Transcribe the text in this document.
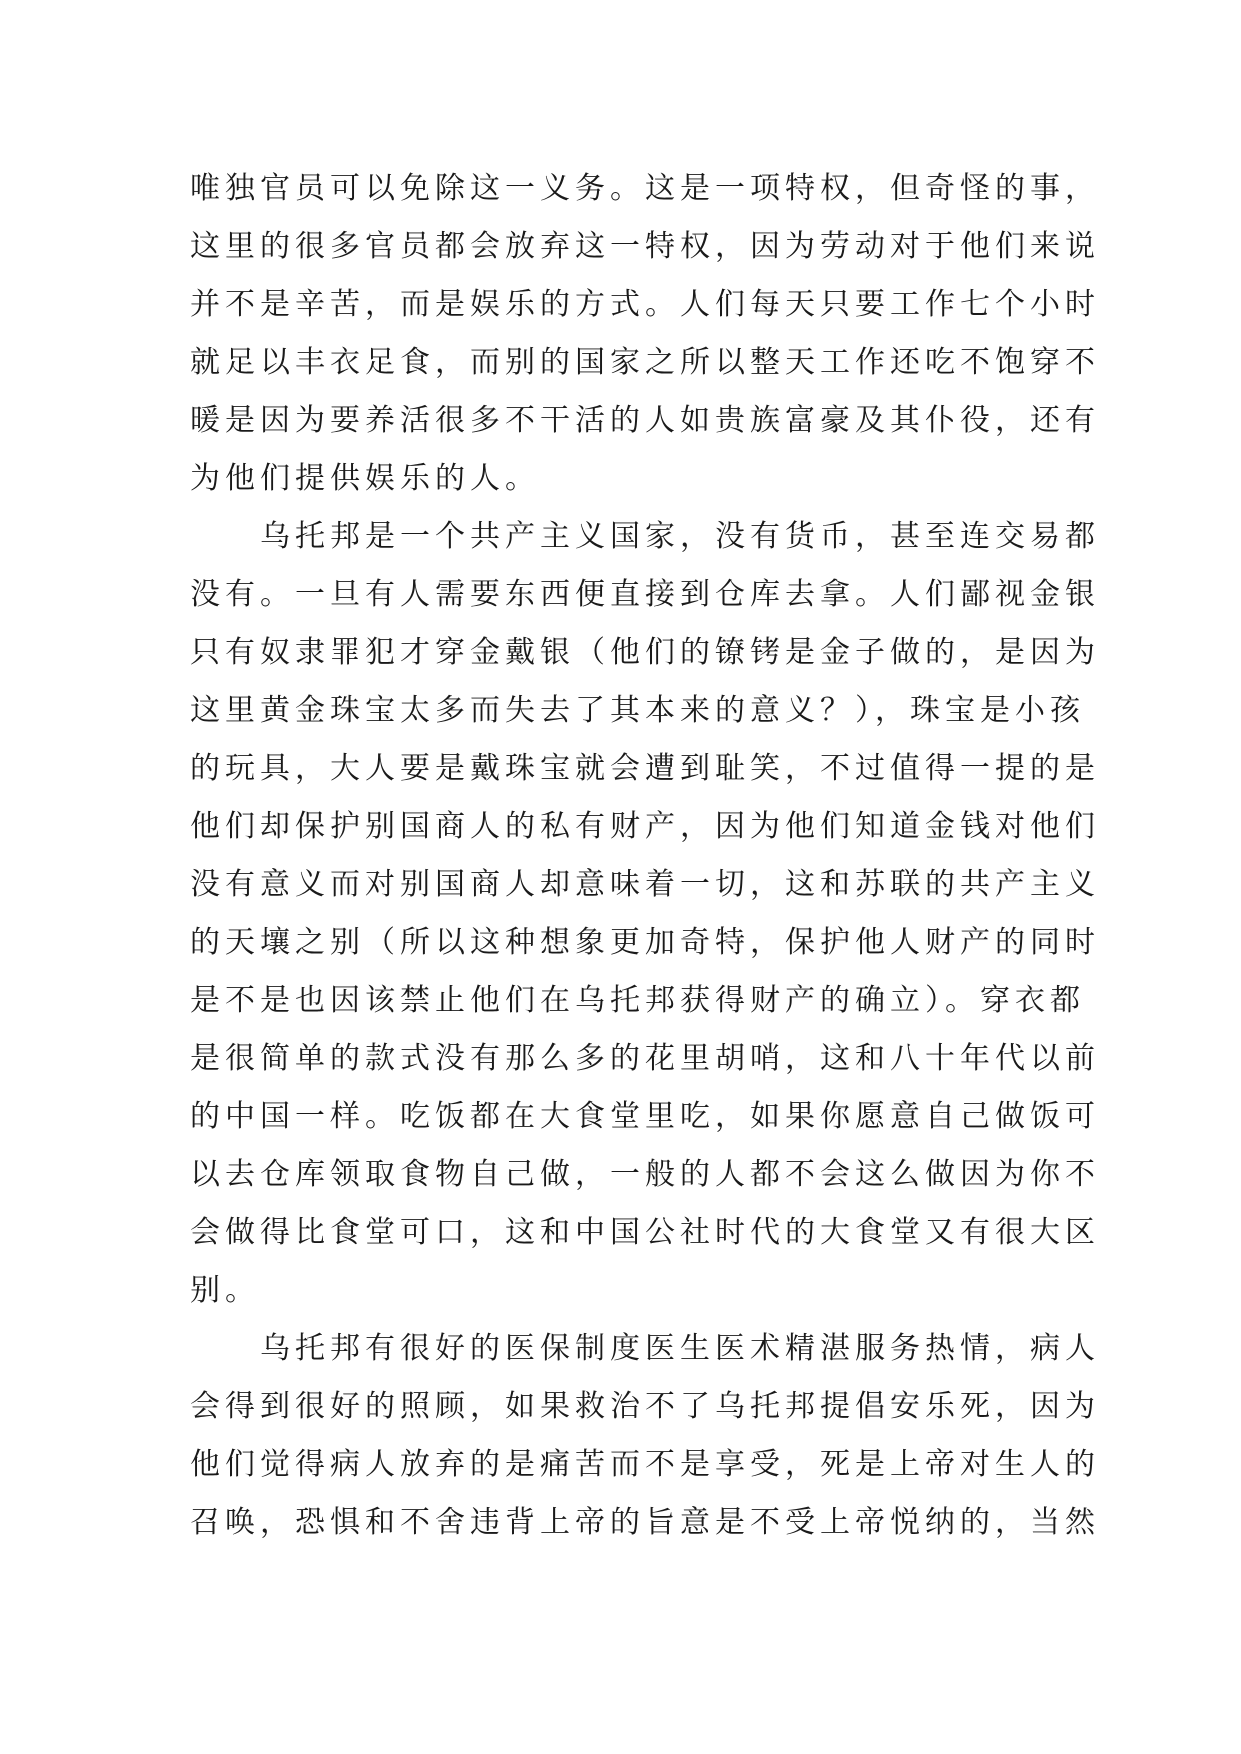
唯独官员可以免除这一义务。这是一项特权，但奇怪的事，
这里的很多官员都会放弃这一特权，因为劳动对于他们来说
并不是辛苦，而是娱乐的方式。人们每天只要工作七个小时
就足以丰衣足食，而别的国家之所以整天工作还吃不饱穿不
暖是因为要养活很多不干活的人如贵族富豪及其仆役，还有
为他们提供娱乐的人。

　　乌托邦是一个共产主义国家，没有货币，甚至连交易都
没有。一旦有人需要东西便直接到仓库去拿。人们鄙视金银
只有奴隶罪犯才穿金戴银（他们的镣铐是金子做的，是因为
这里黄金珠宝太多而失去了其本来的意义？），珠宝是小孩
的玩具，大人要是戴珠宝就会遭到耻笑，不过值得一提的是
他们却保护别国商人的私有财产，因为他们知道金钱对他们
没有意义而对别国商人却意味着一切，这和苏联的共产主义
的天壤之别（所以这种想象更加奇特，保护他人财产的同时
是不是也因该禁止他们在乌托邦获得财产的确立）。穿衣都
是很简单的款式没有那么多的花里胡哨，这和八十年代以前
的中国一样。吃饭都在大食堂里吃，如果你愿意自己做饭可
以去仓库领取食物自己做，一般的人都不会这么做因为你不
会做得比食堂可口，这和中国公社时代的大食堂又有很大区
别。

　　乌托邦有很好的医保制度医生医术精湛服务热情，病人
会得到很好的照顾，如果救治不了乌托邦提倡安乐死，因为
他们觉得病人放弃的是痛苦而不是享受，死是上帝对生人的
召唤，恐惧和不舍违背上帝的旨意是不受上帝悦纳的，当然
